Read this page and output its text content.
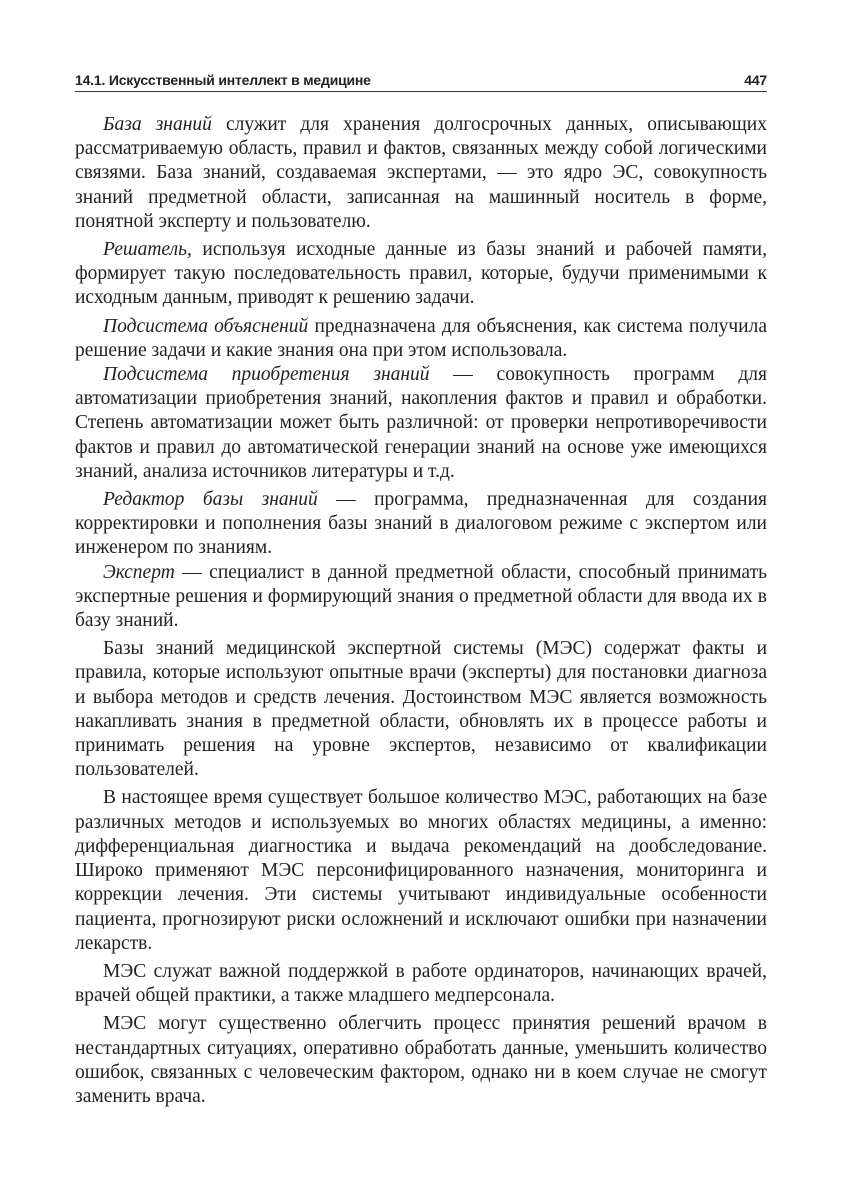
14.1. Искусственный интеллект в медицине	447

База знаний служит для хранения долгосрочных данных, описывающих рассматриваемую область, правил и фактов, связанных между собой логическими связями. База знаний, создаваемая экспертами, — это ядро ЭС, совокупность знаний предметной области, записанная на машинный носитель в форме, понятной эксперту и пользователю.

Решатель, используя исходные данные из базы знаний и рабочей памяти, формирует такую последовательность правил, которые, будучи применимыми к исходным данным, приводят к решению задачи.

Подсистема объяснений предназначена для объяснения, как система получила решение задачи и какие знания она при этом использовала.

Подсистема приобретения знаний — совокупность программ для автоматизации приобретения знаний, накопления фактов и правил и обработки. Степень автоматизации может быть различной: от проверки непротиворечивости фактов и правил до автоматической генерации знаний на основе уже имеющихся знаний, анализа источников литературы и т.д.

Редактор базы знаний — программа, предназначенная для создания корректировки и пополнения базы знаний в диалоговом режиме с экспертом или инженером по знаниям.

Эксперт — специалист в данной предметной области, способный принимать экспертные решения и формирующий знания о предметной области для ввода их в базу знаний.

Базы знаний медицинской экспертной системы (МЭС) содержат факты и правила, которые используют опытные врачи (эксперты) для постановки диагноза и выбора методов и средств лечения. Достоинством МЭС является возможность накапливать знания в предметной области, обновлять их в процессе работы и принимать решения на уровне экспертов, независимо от квалификации пользователей.

В настоящее время существует большое количество МЭС, работающих на базе различных методов и используемых во многих областях медицины, а именно: дифференциальная диагностика и выдача рекомендаций на дообследование. Широко применяют МЭС персонифицированного назначения, мониторинга и коррекции лечения. Эти системы учитывают индивидуальные особенности пациента, прогнозируют риски осложнений и исключают ошибки при назначении лекарств.

МЭС служат важной поддержкой в работе ординаторов, начинающих врачей, врачей общей практики, а также младшего медперсонала.

МЭС могут существенно облегчить процесс принятия решений врачом в нестандартных ситуациях, оперативно обработать данные, уменьшить количество ошибок, связанных с человеческим фактором, однако ни в коем случае не смогут заменить врача.
